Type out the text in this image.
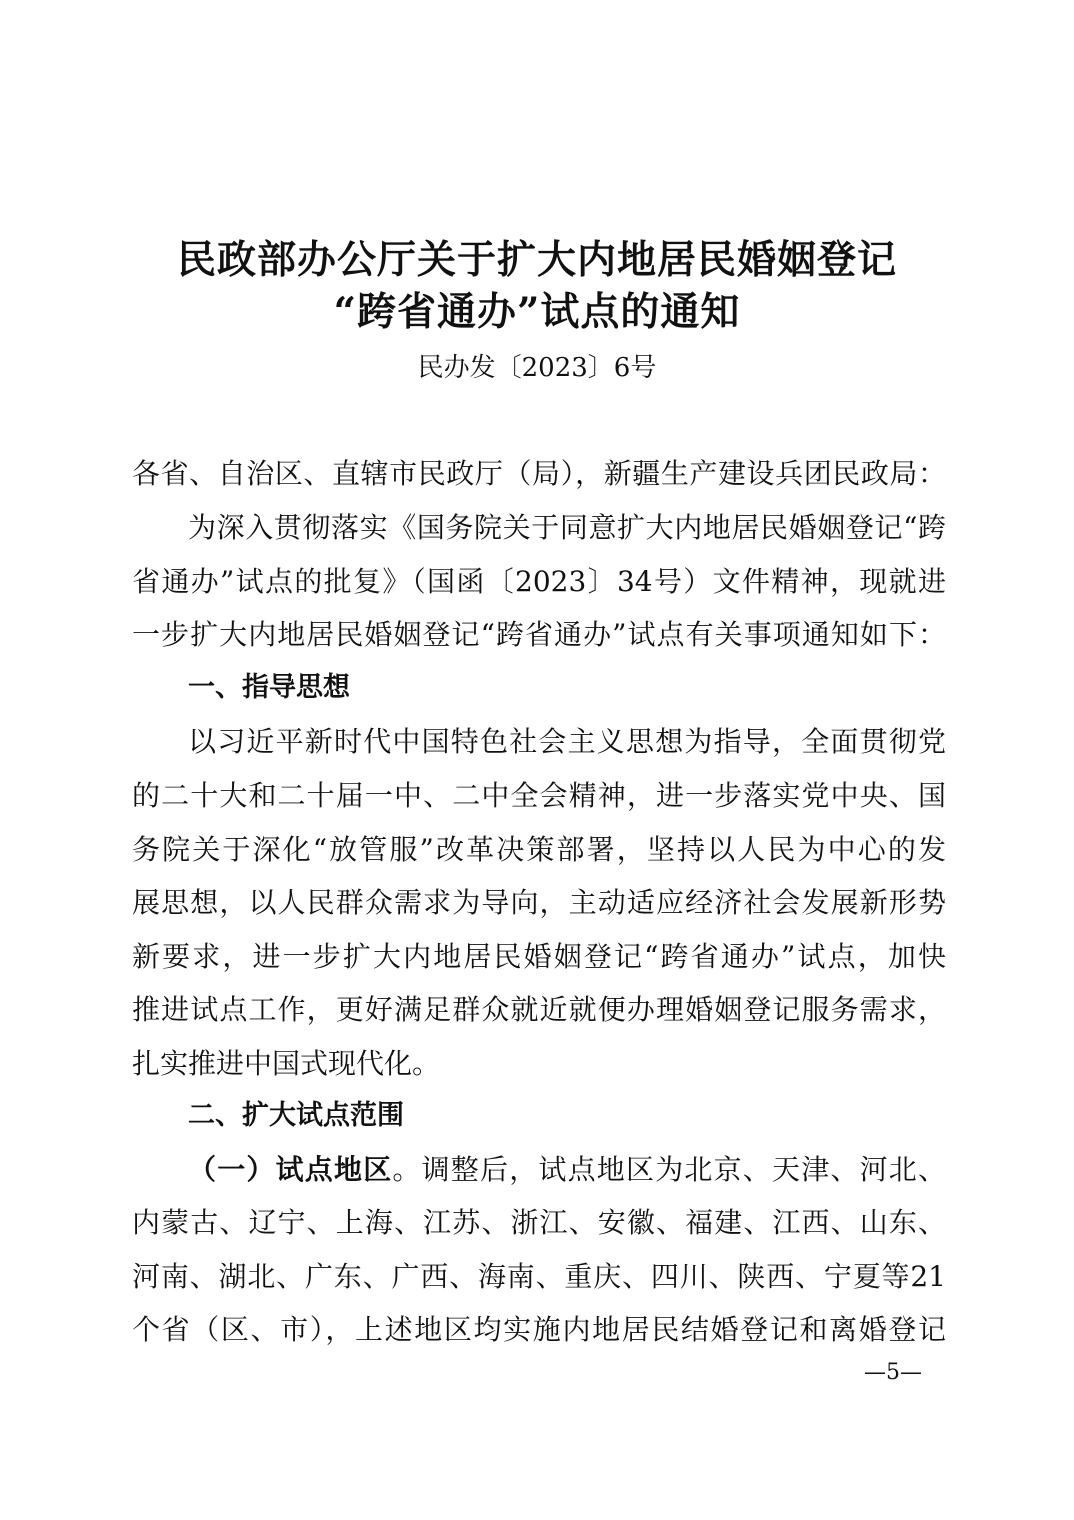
民政部办公厅关于扩大内地居民婚姻登记
“跨省通办”试点的通知
民办发〔2023〕6号
各省、自治区、直辖市民政厅（局），新疆生产建设兵团民政局：
为深入贯彻落实《国务院关于同意扩大内地居民婚姻登记“跨
省通办”试点的批复》（国函〔2023〕34号）文件精神，现就进
一步扩大内地居民婚姻登记“跨省通办”试点有关事项通知如下：
一、指导思想
以习近平新时代中国特色社会主义思想为指导，全面贯彻党
的二十大和二十届一中、二中全会精神，进一步落实党中央、国
务院关于深化“放管服”改革决策部署，坚持以人民为中心的发
展思想，以人民群众需求为导向，主动适应经济社会发展新形势
新要求，进一步扩大内地居民婚姻登记“跨省通办”试点，加快
推进试点工作，更好满足群众就近就便办理婚姻登记服务需求，
扎实推进中国式现代化。
二、扩大试点范围
（一）试点地区。调整后，试点地区为北京、天津、河北、
内蒙古、辽宁、上海、江苏、浙江、安徽、福建、江西、山东、
河南、湖北、广东、广西、海南、重庆、四川、陕西、宁夏等21
个省（区、市），上述地区均实施内地居民结婚登记和离婚登记
—5—
